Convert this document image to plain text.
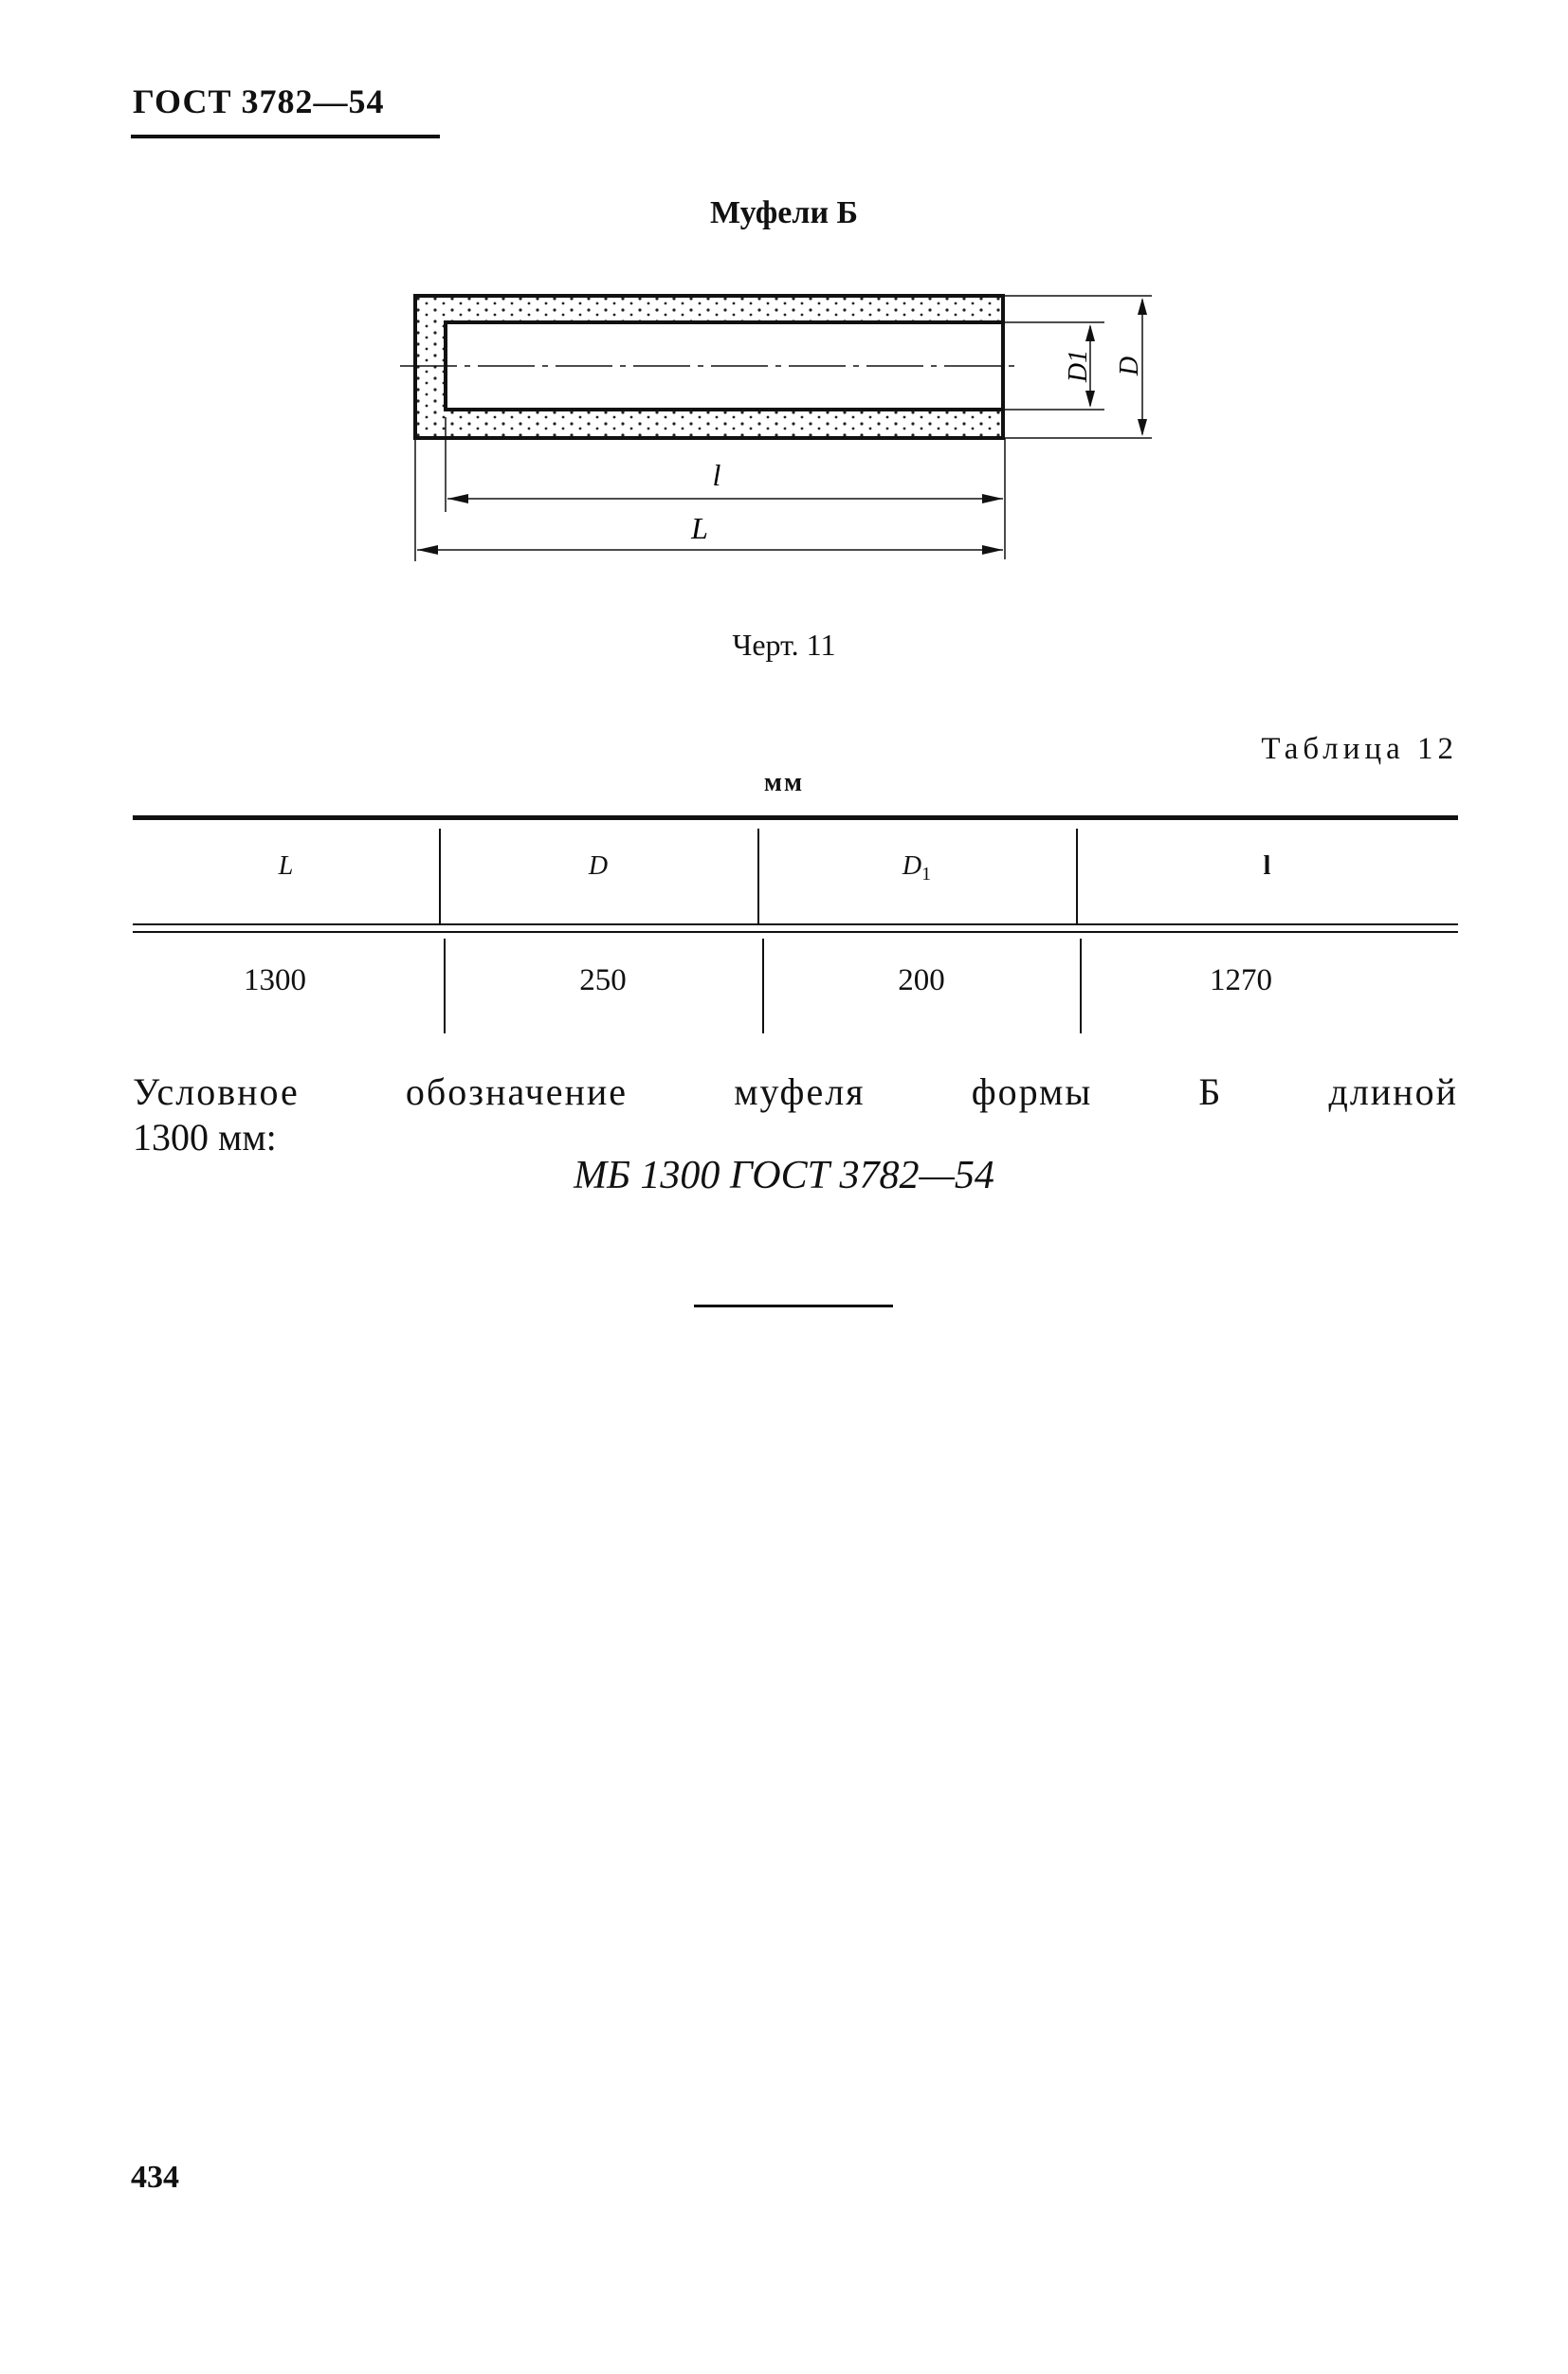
ГОСТ 3782—54
Муфели Б
D1 D
l
L
Черт. 11
Таблица 12
мм
L	D	$D_1$	l
1300	250	200	1270
Условное обозначение муфеля формы Б длиной
1300 мм:
МБ 1300 ГОСТ 3782—54
434
